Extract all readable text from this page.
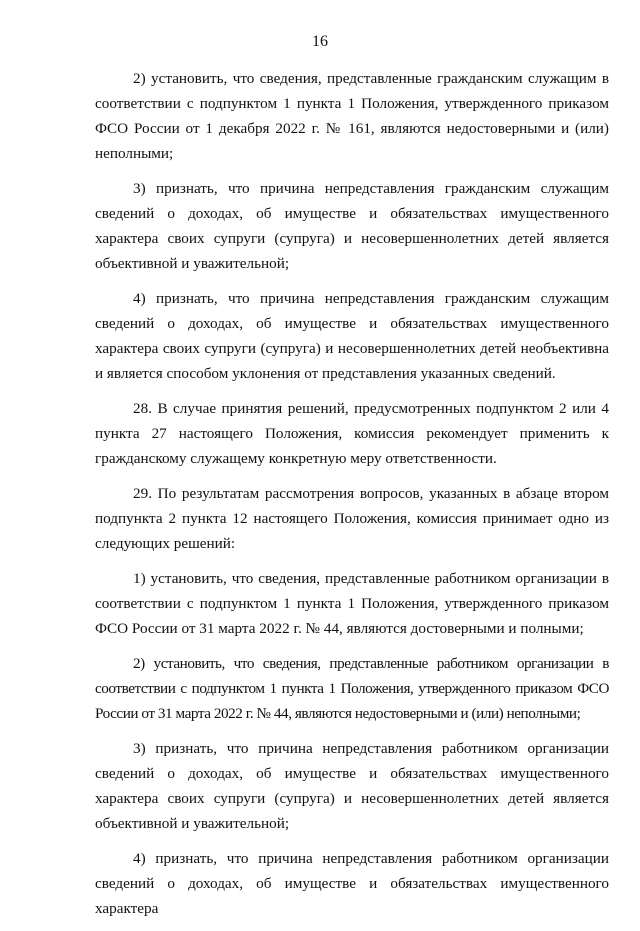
16

2) установить, что сведения, представленные гражданским служащим в соответствии с подпунктом 1 пункта 1 Положения, утвержденного приказом ФСО России от 1 декабря 2022 г. № 161, являются недостоверными и (или) неполными;

3) признать, что причина непредставления гражданским служащим сведений о доходах, об имуществе и обязательствах имущественного характера своих супруги (супруга) и несовершеннолетних детей является объективной и уважительной;

4) признать, что причина непредставления гражданским служащим сведений о доходах, об имуществе и обязательствах имущественного характера своих супруги (супруга) и несовершеннолетних детей необъективна и является способом уклонения от представления указанных сведений.

28. В случае принятия решений, предусмотренных подпунктом 2 или 4 пункта 27 настоящего Положения, комиссия рекомендует применить к гражданскому служащему конкретную меру ответственности.

29. По результатам рассмотрения вопросов, указанных в абзаце втором подпункта 2 пункта 12 настоящего Положения, комиссия принимает одно из следующих решений:

1) установить, что сведения, представленные работником организации в соответствии с подпунктом 1 пункта 1 Положения, утвержденного приказом ФСО России от 31 марта 2022 г. № 44, являются достоверными и полными;

2) установить, что сведения, представленные работником организации в соответствии с подпунктом 1 пункта 1 Положения, утвержденного приказом ФСО России от 31 марта 2022 г. № 44, являются недостоверными и (или) неполными;

3) признать, что причина непредставления работником организации сведений о доходах, об имуществе и обязательствах имущественного характера своих супруги (супруга) и несовершеннолетних детей является объективной и уважительной;

4) признать, что причина непредставления работником организации сведений о доходах, об имуществе и обязательствах имущественного характера
